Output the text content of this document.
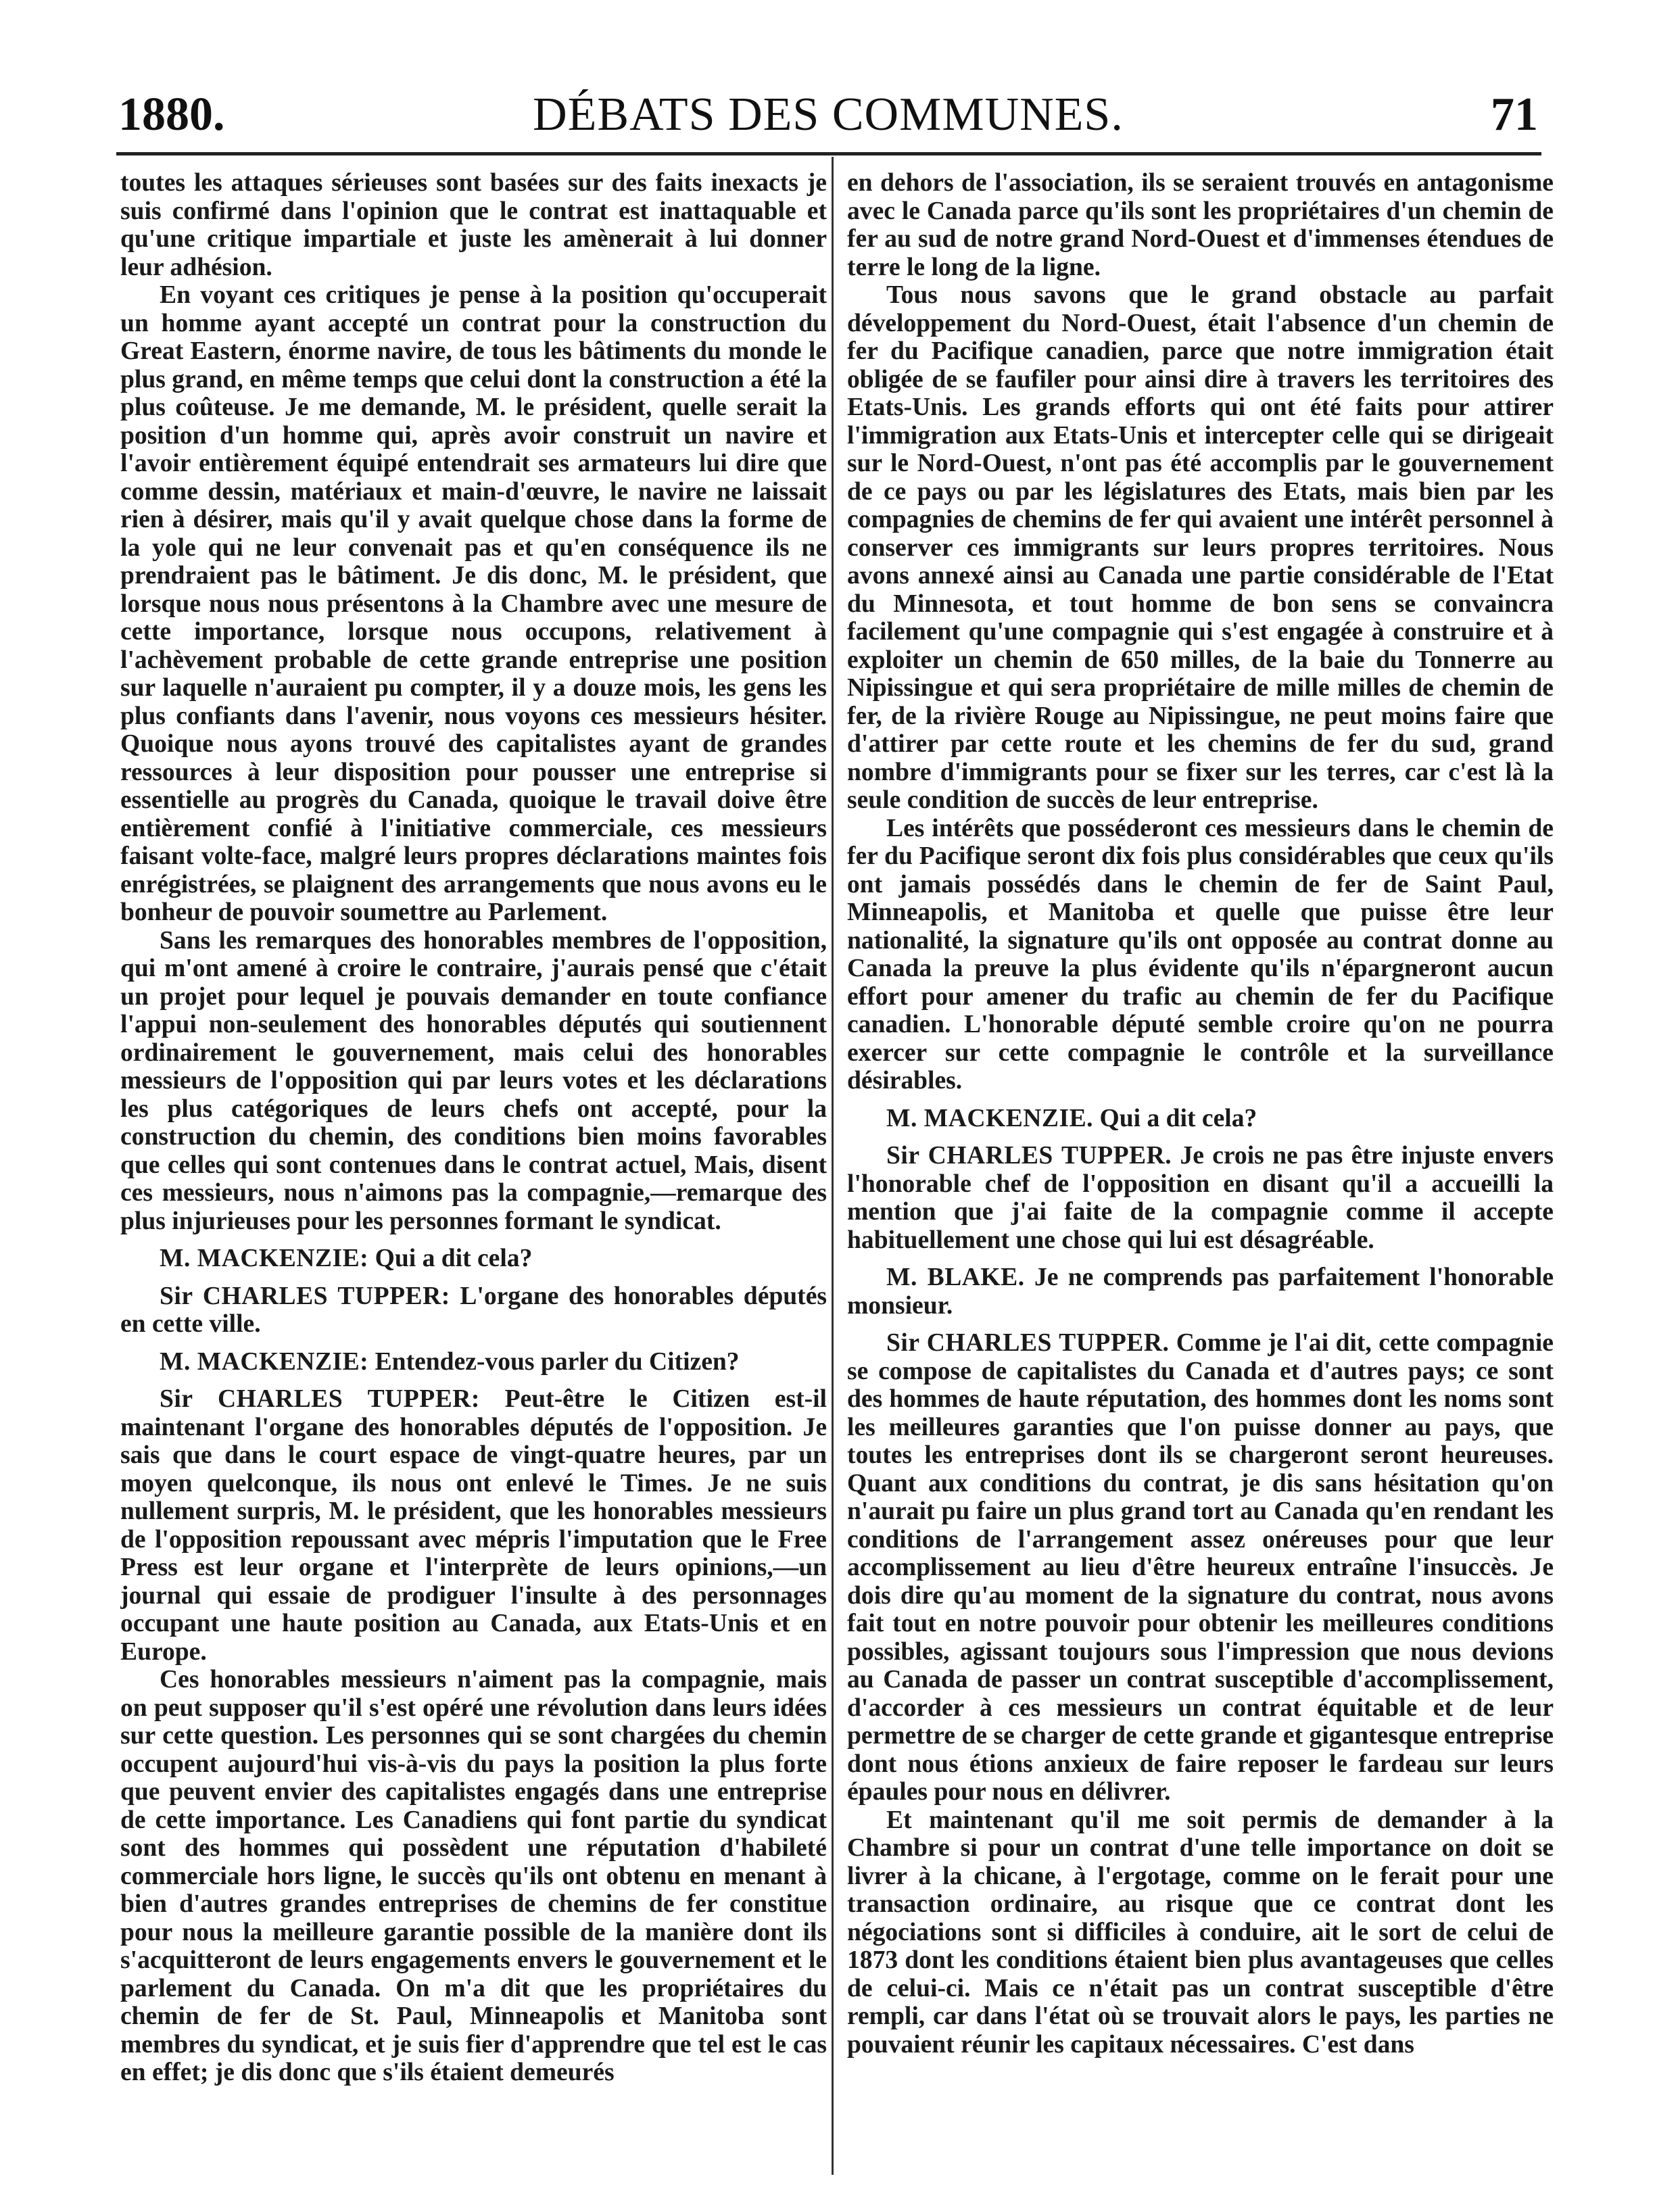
1880.	DÉBATS DES COMMUNES.	71

toutes les attaques sérieuses sont basées sur des faits inexacts je suis confirmé dans l'opinion que le contrat est inattaquable et qu'une critique impartiale et juste les amènerait à lui donner leur adhésion.

En voyant ces critiques je pense à la position qu'occuperait un homme ayant accepté un contrat pour la construction du Great Eastern, énorme navire, de tous les bâtiments du monde le plus grand, en même temps que celui dont la construction a été la plus coûteuse. Je me demande, M. le président, quelle serait la position d'un homme qui, après avoir construit un navire et l'avoir entièrement équipé entendrait ses armateurs lui dire que comme dessin, matériaux et main-d'œuvre, le navire ne laissait rien à désirer, mais qu'il y avait quelque chose dans la forme de la yole qui ne leur convenait pas et qu'en conséquence ils ne prendraient pas le bâtiment. Je dis donc, M. le président, que lorsque nous nous présentons à la Chambre avec une mesure de cette importance, lorsque nous occupons, relativement à l'achèvement probable de cette grande entreprise une position sur laquelle n'auraient pu compter, il y a douze mois, les gens les plus confiants dans l'avenir, nous voyons ces messieurs hésiter. Quoique nous ayons trouvé des capitalistes ayant de grandes ressources à leur disposition pour pousser une entreprise si essentielle au progrès du Canada, quoique le travail doive être entièrement confié à l'initiative commerciale, ces messieurs faisant volte-face, malgré leurs propres déclarations maintes fois enrégistrées, se plaignent des arrangements que nous avons eu le bonheur de pouvoir soumettre au Parlement.

Sans les remarques des honorables membres de l'opposition, qui m'ont amené à croire le contraire, j'aurais pensé que c'était un projet pour lequel je pouvais demander en toute confiance l'appui non-seulement des honorables députés qui soutiennent ordinairement le gouvernement, mais celui des honorables messieurs de l'opposition qui par leurs votes et les déclarations les plus catégoriques de leurs chefs ont accepté, pour la construction du chemin, des conditions bien moins favorables que celles qui sont contenues dans le contrat actuel, Mais, disent ces messieurs, nous n'aimons pas la compagnie,—remarque des plus injurieuses pour les personnes formant le syndicat.

M. MACKENZIE: Qui a dit cela?

Sir CHARLES TUPPER: L'organe des honorables députés en cette ville.

M. MACKENZIE: Entendez-vous parler du Citizen?

Sir CHARLES TUPPER: Peut-être le Citizen est-il maintenant l'organe des honorables députés de l'opposition. Je sais que dans le court espace de vingt-quatre heures, par un moyen quelconque, ils nous ont enlevé le Times. Je ne suis nullement surpris, M. le président, que les honorables messieurs de l'opposition repoussant avec mépris l'imputation que le Free Press est leur organe et l'interprète de leurs opinions,—un journal qui essaie de prodiguer l'insulte à des personnages occupant une haute position au Canada, aux Etats-Unis et en Europe.

Ces honorables messieurs n'aiment pas la compagnie, mais on peut supposer qu'il s'est opéré une révolution dans leurs idées sur cette question. Les personnes qui se sont chargées du chemin occupent aujourd'hui vis-à-vis du pays la position la plus forte que peuvent envier des capitalistes engagés dans une entreprise de cette importance. Les Canadiens qui font partie du syndicat sont des hommes qui possèdent une réputation d'habileté commerciale hors ligne, le succès qu'ils ont obtenu en menant à bien d'autres grandes entreprises de chemins de fer constitue pour nous la meilleure garantie possible de la manière dont ils s'acquitteront de leurs engagements envers le gouvernement et le parlement du Canada. On m'a dit que les propriétaires du chemin de fer de St. Paul, Minneapolis et Manitoba sont membres du syndicat, et je suis fier d'apprendre que tel est le cas en effet; je dis donc que s'ils étaient demeurés

en dehors de l'association, ils se seraient trouvés en antagonisme avec le Canada parce qu'ils sont les propriétaires d'un chemin de fer au sud de notre grand Nord-Ouest et d'immenses étendues de terre le long de la ligne.

Tous nous savons que le grand obstacle au parfait développement du Nord-Ouest, était l'absence d'un chemin de fer du Pacifique canadien, parce que notre immigration était obligée de se faufiler pour ainsi dire à travers les territoires des Etats-Unis. Les grands efforts qui ont été faits pour attirer l'immigration aux Etats-Unis et intercepter celle qui se dirigeait sur le Nord-Ouest, n'ont pas été accomplis par le gouvernement de ce pays ou par les législatures des Etats, mais bien par les compagnies de chemins de fer qui avaient une intérêt personnel à conserver ces immigrants sur leurs propres territoires. Nous avons annexé ainsi au Canada une partie considérable de l'Etat du Minnesota, et tout homme de bon sens se convaincra facilement qu'une compagnie qui s'est engagée à construire et à exploiter un chemin de 650 milles, de la baie du Tonnerre au Nipissingue et qui sera propriétaire de mille milles de chemin de fer, de la rivière Rouge au Nipissingue, ne peut moins faire que d'attirer par cette route et les chemins de fer du sud, grand nombre d'immigrants pour se fixer sur les terres, car c'est là la seule condition de succès de leur entreprise.

Les intérêts que posséderont ces messieurs dans le chemin de fer du Pacifique seront dix fois plus considérables que ceux qu'ils ont jamais possédés dans le chemin de fer de Saint Paul, Minneapolis, et Manitoba et quelle que puisse être leur nationalité, la signature qu'ils ont opposée au contrat donne au Canada la preuve la plus évidente qu'ils n'épargneront aucun effort pour amener du trafic au chemin de fer du Pacifique canadien. L'honorable député semble croire qu'on ne pourra exercer sur cette compagnie le contrôle et la surveillance désirables.

M. MACKENZIE. Qui a dit cela?

Sir CHARLES TUPPER. Je crois ne pas être injuste envers l'honorable chef de l'opposition en disant qu'il a accueilli la mention que j'ai faite de la compagnie comme il accepte habituellement une chose qui lui est désagréable.

M. BLAKE. Je ne comprends pas parfaitement l'honorable monsieur.

Sir CHARLES TUPPER. Comme je l'ai dit, cette compagnie se compose de capitalistes du Canada et d'autres pays; ce sont des hommes de haute réputation, des hommes dont les noms sont les meilleures garanties que l'on puisse donner au pays, que toutes les entreprises dont ils se chargeront seront heureuses. Quant aux conditions du contrat, je dis sans hésitation qu'on n'aurait pu faire un plus grand tort au Canada qu'en rendant les conditions de l'arrangement assez onéreuses pour que leur accomplissement au lieu d'être heureux entraîne l'insuccès. Je dois dire qu'au moment de la signature du contrat, nous avons fait tout en notre pouvoir pour obtenir les meilleures conditions possibles, agissant toujours sous l'impression que nous devions au Canada de passer un contrat susceptible d'accomplissement, d'accorder à ces messieurs un contrat équitable et de leur permettre de se charger de cette grande et gigantesque entreprise dont nous étions anxieux de faire reposer le fardeau sur leurs épaules pour nous en délivrer.

Et maintenant qu'il me soit permis de demander à la Chambre si pour un contrat d'une telle importance on doit se livrer à la chicane, à l'ergotage, comme on le ferait pour une transaction ordinaire, au risque que ce contrat dont les négociations sont si difficiles à conduire, ait le sort de celui de 1873 dont les conditions étaient bien plus avantageuses que celles de celui-ci. Mais ce n'était pas un contrat susceptible d'être rempli, car dans l'état où se trouvait alors le pays, les parties ne pouvaient réunir les capitaux nécessaires. C'est dans
